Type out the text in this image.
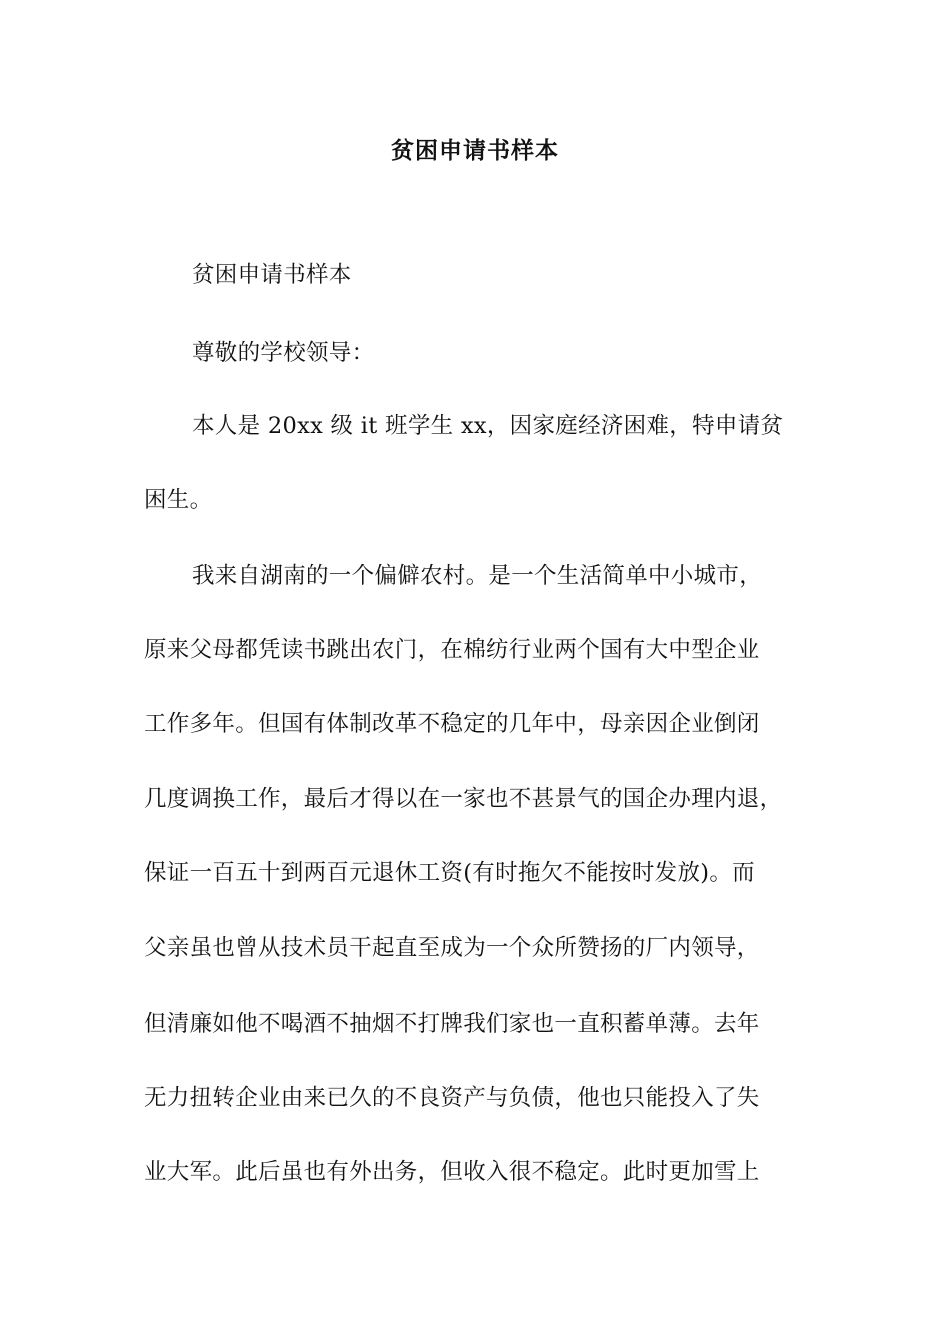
贫困申请书样本
贫困申请书样本
尊敬的学校领导：
本人是 20xx 级 it 班学生 xx，因家庭经济困难，特申请贫
困生。
我来自湖南的一个偏僻农村。是一个生活简单中小城市，
原来父母都凭读书跳出农门，在棉纺行业两个国有大中型企业
工作多年。但国有体制改革不稳定的几年中，母亲因企业倒闭
几度调换工作，最后才得以在一家也不甚景气的国企办理内退，
保证一百五十到两百元退休工资(有时拖欠不能按时发放)。而
父亲虽也曾从技术员干起直至成为一个众所赞扬的厂内领导，
但清廉如他不喝酒不抽烟不打牌我们家也一直积蓄单薄。去年
无力扭转企业由来已久的不良资产与负债，他也只能投入了失
业大军。此后虽也有外出务，但收入很不稳定。此时更加雪上
